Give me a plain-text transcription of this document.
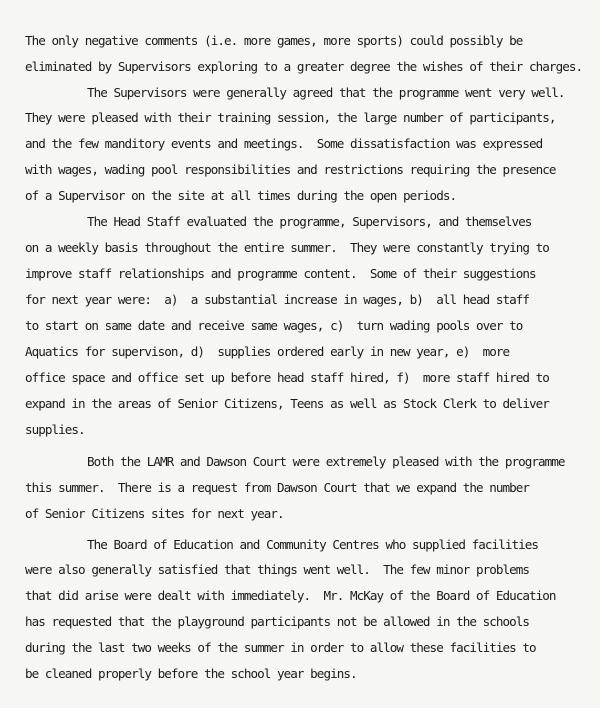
The only negative comments (i.e. more games, more sports) could possibly be
eliminated by Supervisors exploring to a greater degree the wishes of their charges.
The Supervisors were generally agreed that the programme went very well.
They were pleased with their training session, the large number of participants,
and the few manditory events and meetings.  Some dissatisfaction was expressed
with wages, wading pool responsibilities and restrictions requiring the presence
of a Supervisor on the site at all times during the open periods.
The Head Staff evaluated the programme, Supervisors, and themselves
on a weekly basis throughout the entire summer.  They were constantly trying to
improve staff relationships and programme content.  Some of their suggestions
for next year were:  a)  a substantial increase in wages, b)  all head staff
to start on same date and receive same wages, c)  turn wading pools over to
Aquatics for supervison, d)  supplies ordered early in new year, e)  more
office space and office set up before head staff hired, f)  more staff hired to
expand in the areas of Senior Citizens, Teens as well as Stock Clerk to deliver
supplies.
Both the LAMR and Dawson Court were extremely pleased with the programme
this summer.  There is a request from Dawson Court that we expand the number
of Senior Citizens sites for next year.
The Board of Education and Community Centres who supplied facilities
were also generally satisfied that things went well.  The few minor problems
that did arise were dealt with immediately.  Mr. McKay of the Board of Education
has requested that the playground participants not be allowed in the schools
during the last two weeks of the summer in order to allow these facilities to
be cleaned properly before the school year begins.
